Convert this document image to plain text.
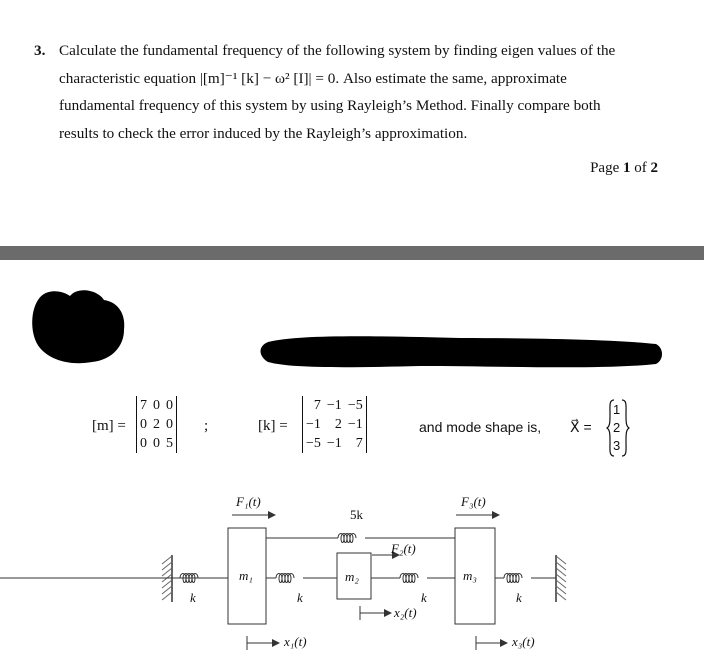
3. Calculate the fundamental frequency of the following system by finding eigen values of the
characteristic equation |[m]⁻¹ [k] − ω² [I]| = 0. Also estimate the same, approximate
fundamental frequency of this system by using Rayleigh’s Method. Finally compare both
results to check the error induced by the Rayleigh’s approximation.
Page 1 of 2
[m] =
7	0	0
0	2	0
0	0	5
;	[k] =
7	−1	−5
−1	2	−1
−5	−1	7
and mode shape is, X⃗ =
1
2
3
F₁(t)
5k
F₂(t)
F₃(t)
m₁	m₂	m₃
k	k	k	k
x₁(t)
x₂(t)
x₃(t)
